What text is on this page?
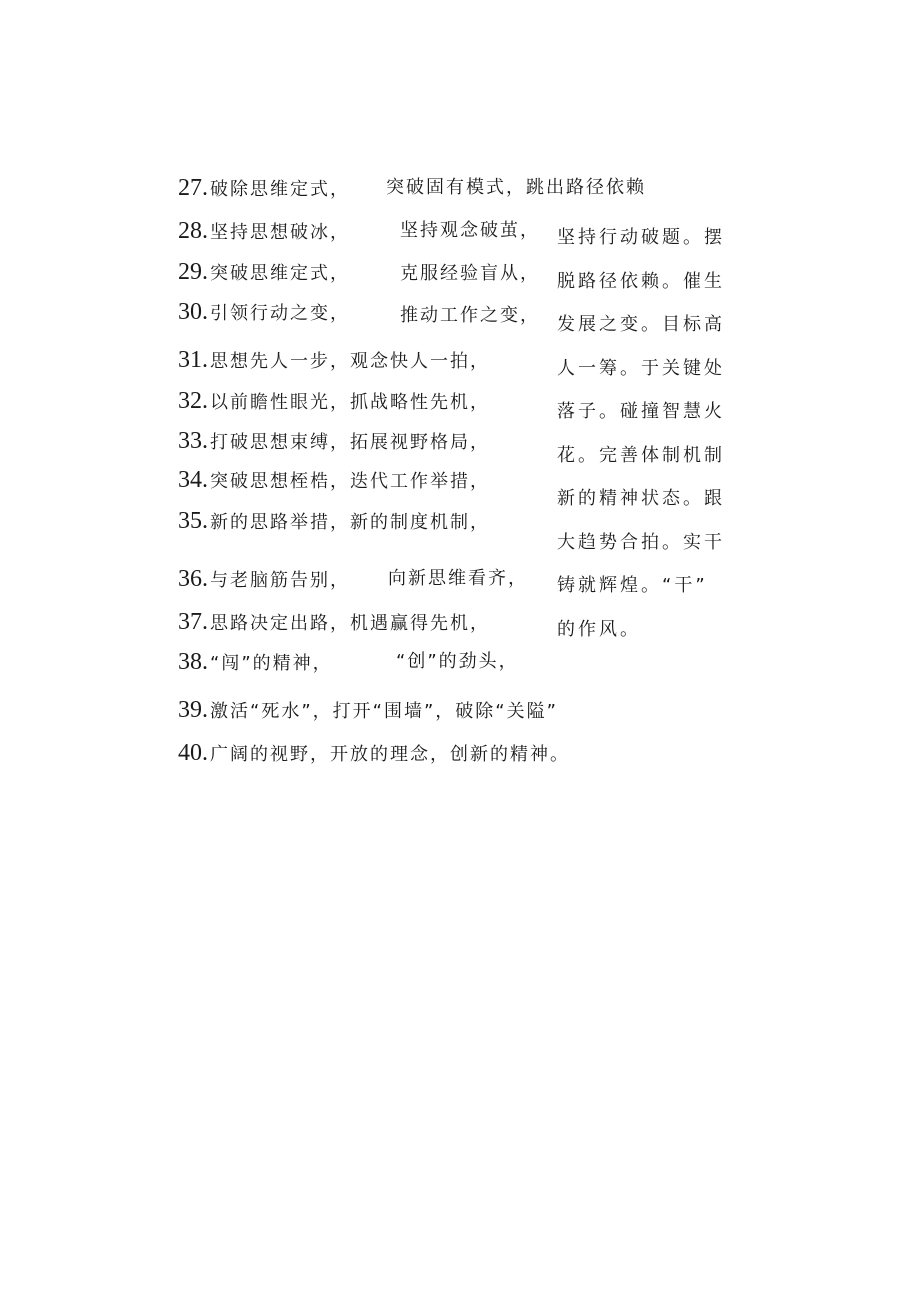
27. 破除思维定式， 突破固有模式，跳出路径依赖
28. 坚持思想破冰，	坚持观念破茧，
29. 突破思维定式，	克服经验盲从，
30. 引领行动之变，	推动工作之变，
31. 思想先人一步，观念快人一拍，
32. 以前瞻性眼光，抓战略性先机，
33. 打破思想束缚，拓展视野格局，
34. 突破思想桎梏，迭代工作举措，
35. 新的思路举措，新的制度机制，
36. 与老脑筋告别， 向新思维看齐，
37. 思路决定出路，机遇赢得先机，
38. “闯”的精神，	“创”的劲头，
39. 激活“死水”，打开“围墙”，破除“关隘”
40. 广阔的视野，开放的理念，创新的精神。
坚持行动破题。摆
脱路径依赖。催生
发展之变。目标高
人一筹。于关键处
落子。碰撞智慧火
花。完善体制机制
新的精神状态。跟
大趋势合拍。实干
铸就辉煌。“干”
的作风。
